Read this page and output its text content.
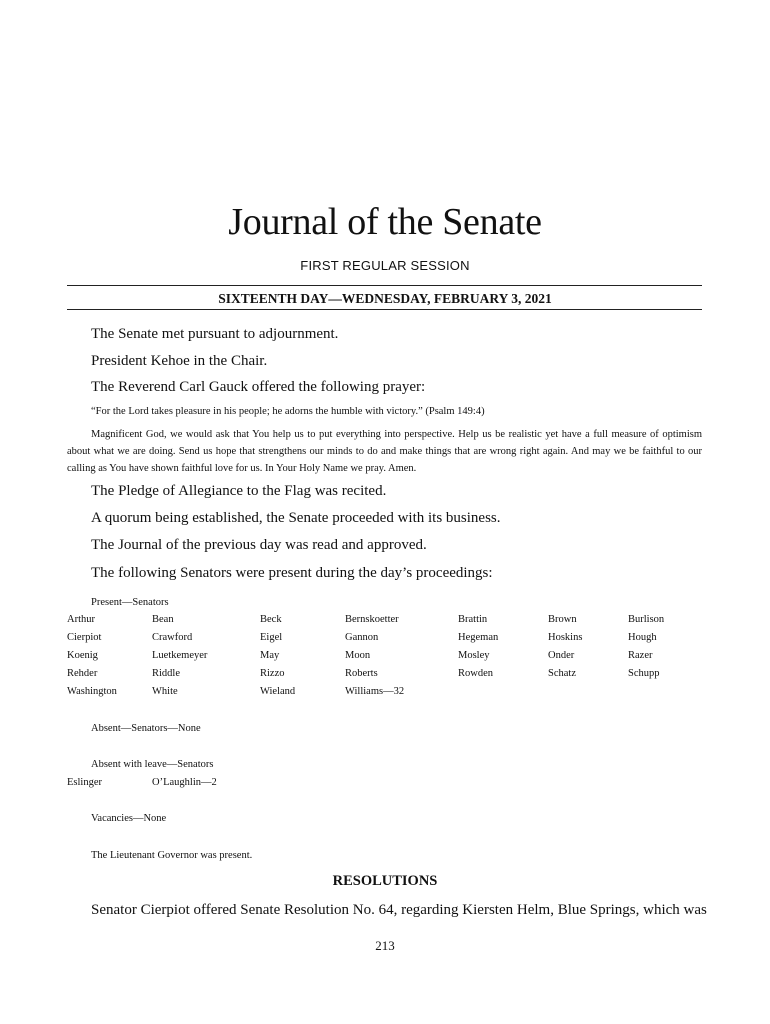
Journal of the Senate
FIRST REGULAR SESSION
SIXTEENTH DAY—WEDNESDAY, FEBRUARY 3, 2021
The Senate met pursuant to adjournment.
President Kehoe in the Chair.
The Reverend Carl Gauck offered the following prayer:
“For the Lord takes pleasure in his people; he adorns the humble with victory.” (Psalm 149:4)
Magnificent God, we would ask that You help us to put everything into perspective. Help us be realistic yet have a full measure of optimism about what we are doing. Send us hope that strengthens our minds to do and make things that are wrong right again. And may we be faithful to our calling as You have shown faithful love for us. In Your Holy Name we pray. Amen.
The Pledge of Allegiance to the Flag was recited.
A quorum being established, the Senate proceeded with its business.
The Journal of the previous day was read and approved.
The following Senators were present during the day’s proceedings:
Present—Senators
Arthur	Bean	Beck	Bernskoetter	Brattin	Brown	Burlison
Cierpiot	Crawford	Eigel	Gannon	Hegeman	Hoskins	Hough
Koenig	Luetkemeyer	May	Moon	Mosley	Onder	Razer
Rehder	Riddle	Rizzo	Roberts	Rowden	Schatz	Schupp
Washington	White	Wieland	Williams—32
Absent—Senators—None
Absent with leave—Senators
Eslinger	O’Laughlin—2
Vacancies—None
The Lieutenant Governor was present.
RESOLUTIONS
Senator Cierpiot offered Senate Resolution No. 64, regarding Kiersten Helm, Blue Springs, which was
213
